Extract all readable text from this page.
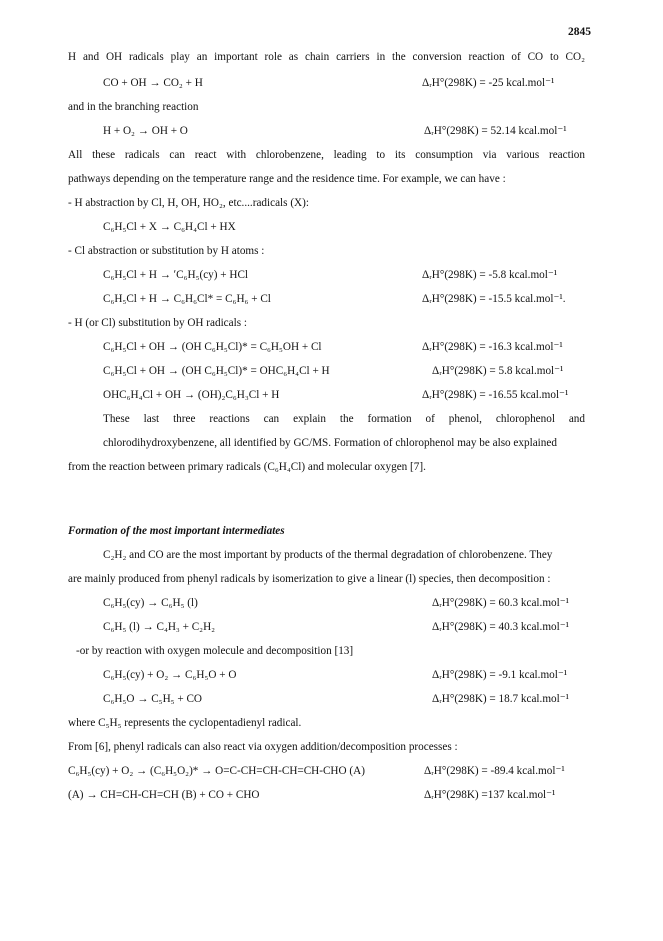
2845
H and OH radicals play an important role as chain carriers in the conversion reaction of CO to CO₂
CO + OH → CO₂ + H	ΔᵣH°(298K) = -25 kcal.mol⁻¹
and in the branching reaction
H + O₂ → OH + O	ΔᵣH°(298K) = 52.14 kcal.mol⁻¹
All these radicals can react with chlorobenzene, leading to its consumption via various reaction
pathways depending on the temperature range and the residence time. For example, we can have :
- H abstraction by Cl, H, OH, HO₂, etc....radicals (X):
C₆H₅Cl + X → C₆H₄Cl + HX
- Cl abstraction or substitution by H atoms :
C₆H₅Cl + H → ʹC₆H₅(cy) + HCl	ΔᵣH°(298K) = -5.8 kcal.mol⁻¹
C₆H₅Cl + H → C₆H₆Cl* = C₆H₆ + Cl	ΔᵣH°(298K) = -15.5 kcal.mol⁻¹.
- H (or Cl) substitution by OH radicals :
C₆H₅Cl + OH → (OH C₆H₅Cl)* = C₆H₅OH + Cl	ΔᵣH°(298K) = -16.3 kcal.mol⁻¹
C₆H₅Cl + OH → (OH C₆H₅Cl)* = OHC₆H₄Cl + H	ΔᵣH°(298K) = 5.8 kcal.mol⁻¹
OHC₆H₄Cl + OH → (OH)₂C₆H₃Cl + H	ΔᵣH°(298K) = -16.55 kcal.mol⁻¹
These last three reactions can explain the formation of phenol, chlorophenol and
chlorodihydroxybenzene, all identified by GC/MS. Formation of chlorophenol may be also explained
from the reaction between primary radicals (C₆H₄Cl) and molecular oxygen [7].
Formation of the most important intermediates
C₂H₂ and CO are the most important by products of the thermal degradation of chlorobenzene. They
are mainly produced from phenyl radicals by isomerization to give a linear (l) species, then decomposition :
C₆H₅(cy) → C₆H₅ (l)	ΔᵣH°(298K) = 60.3 kcal.mol⁻¹
C₆H₅ (l) → C₄H₃ + C₂H₂	ΔᵣH°(298K) = 40.3 kcal.mol⁻¹
-or by reaction with oxygen molecule and decomposition [13]
C₆H₅(cy) + O₂ → C₆H₅O + O	ΔᵣH°(298K) = -9.1 kcal.mol⁻¹
C₆H₅O → C₅H₅ + CO	ΔᵣH°(298K) = 18.7 kcal.mol⁻¹
where C₅H₅ represents the cyclopentadienyl radical.
From [6], phenyl radicals can also react via oxygen addition/decomposition processes :
C₆H₅(cy) + O₂ → (C₆H₅O₂)* → O=C-CH=CH-CH=CH-CHO (A)	ΔᵣH°(298K) = -89.4 kcal.mol⁻¹
(A) → CH=CH-CH=CH (B) + CO + CHO	ΔᵣH°(298K) =137 kcal.mol⁻¹
